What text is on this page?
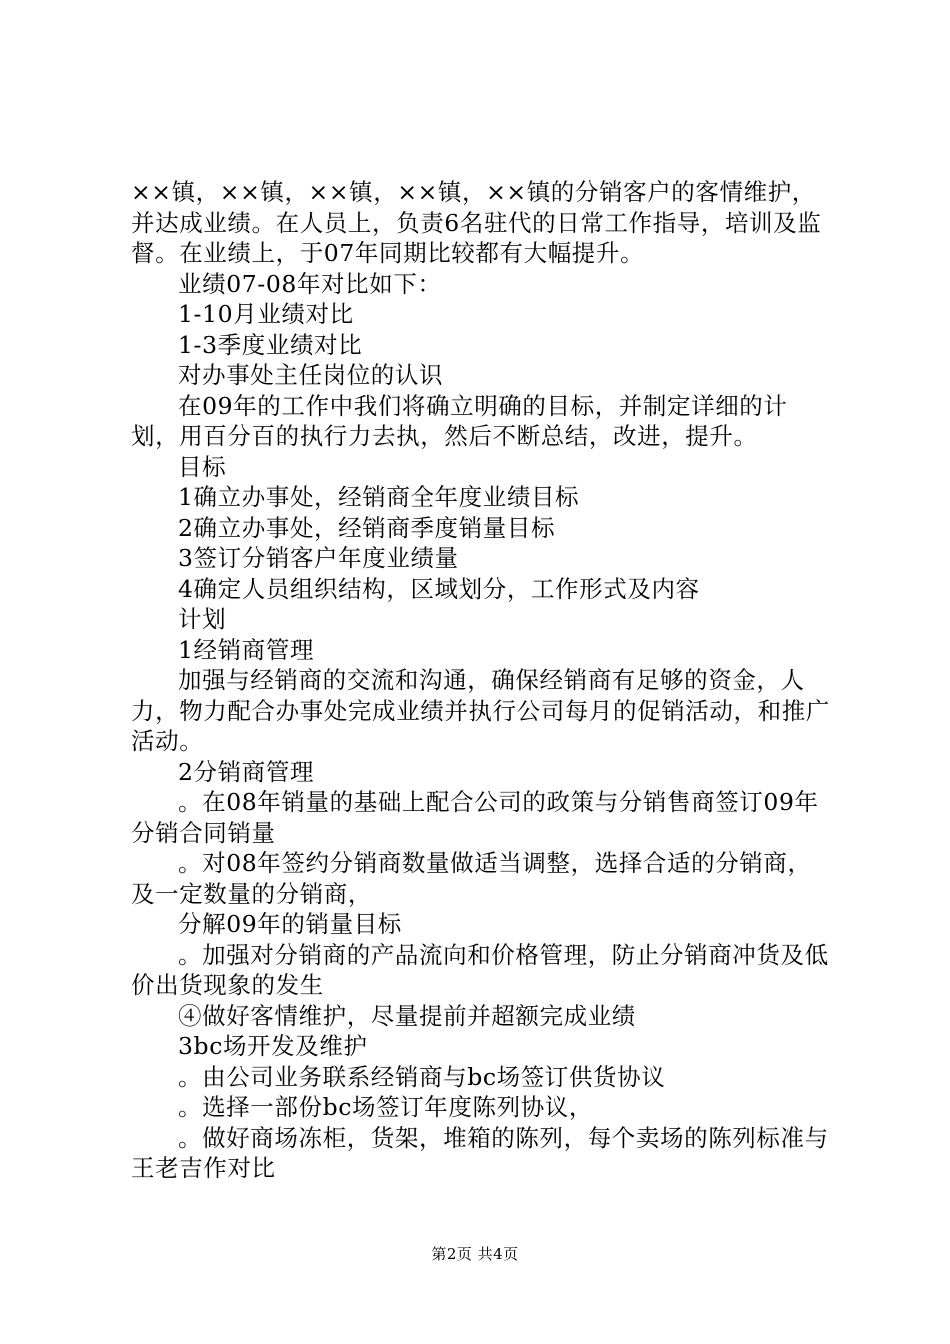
××镇，××镇，××镇，××镇，××镇的分销客户的客情维护，并达成业绩。在人员上，负责6名驻代的日常工作指导，培训及监督。在业绩上，于07年同期比较都有大幅提升。

业绩07-08年对比如下：

1-10月业绩对比

1-3季度业绩对比

对办事处主任岗位的认识

在09年的工作中我们将确立明确的目标，并制定详细的计划，用百分百的执行力去执，然后不断总结，改进，提升。

目标

1确立办事处，经销商全年度业绩目标

2确立办事处，经销商季度销量目标

3签订分销客户年度业绩量

4确定人员组织结构，区域划分，工作形式及内容

计划

1经销商管理

加强与经销商的交流和沟通，确保经销商有足够的资金，人力，物力配合办事处完成业绩并执行公司每月的促销活动，和推广活动。

2分销商管理

。在08年销量的基础上配合公司的政策与分销售商签订09年分销合同销量

。对08年签约分销商数量做适当调整，选择合适的分销商，及一定数量的分销商，

分解09年的销量目标

。加强对分销商的产品流向和价格管理，防止分销商冲货及低价出货现象的发生

④做好客情维护，尽量提前并超额完成业绩

3bc场开发及维护

。由公司业务联系经销商与bc场签订供货协议

。选择一部份bc场签订年度陈列协议，

。做好商场冻柜，货架，堆箱的陈列，每个卖场的陈列标准与王老吉作对比

第2页 共4页
